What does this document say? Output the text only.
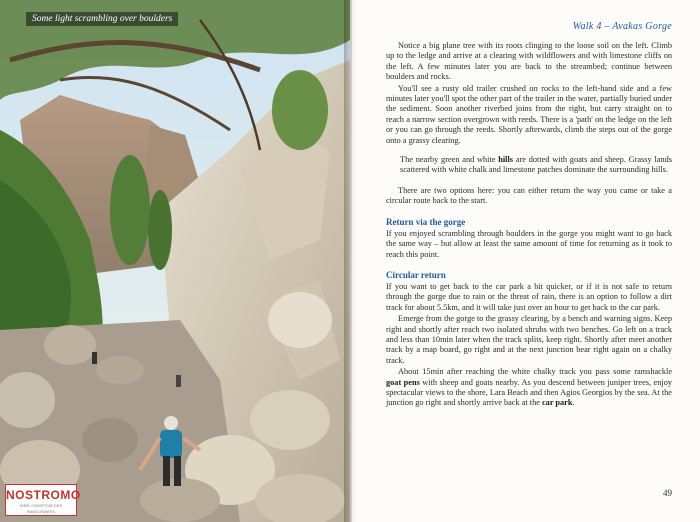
Some light scrambling over boulders
NOSTROMO
WEB: COMPTOIR DES RANDONNÉES
Walk 4 – Avakas Gorge

Notice a big plane tree with its roots clinging to the loose soil on the left. Climb up to the ledge and arrive at a clearing with wildflowers and with limestone cliffs on the left. A few minutes later you are back to the streambed; continue between boulders and rocks.

You'll see a rusty old trailer crushed on rocks to the left-hand side and a few minutes later you'll spot the other part of the trailer in the water, partially buried under the sediment. Soon another riverbed joins from the right, but carry straight on to reach a narrow section overgrown with reeds. There is a 'path' on the ledge on the left or you can go through the reeds. Shortly afterwards, climb the steps out of the gorge onto a grassy clearing.

The nearby green and white hills are dotted with goats and sheep. Grassy lands scattered with white chalk and limestone patches dominate the surrounding hills.

There are two options here: you can either return the way you came or take a circular route back to the start.

Return via the gorge

If you enjoyed scrambling through boulders in the gorge you might want to go back the same way – but allow at least the same amount of time for returning as it took to reach this point.

Circular return

If you want to get back to the car park a bit quicker, or if it is not safe to return through the gorge due to rain or the threat of rain, there is an option to follow a dirt track for about 5.5km, and it will take just over an hour to get back to the car park.

Emerge from the gorge to the grassy clearing, by a bench and warning signs. Keep right and shortly after reach two isolated shrubs with two benches. Go left on a track and less than 10min later when the track splits, keep right. Shortly after meet another track by a map board, go right and at the next junction bear right again on a chalky track.

About 15min after reaching the white chalky track you pass some ramshackle goat pens with sheep and goats nearby. As you descend between juniper trees, enjoy spectacular views to the shore, Lara Beach and then Agios Georgios by the sea. At the junction go right and shortly arrive back at the car park.

49
